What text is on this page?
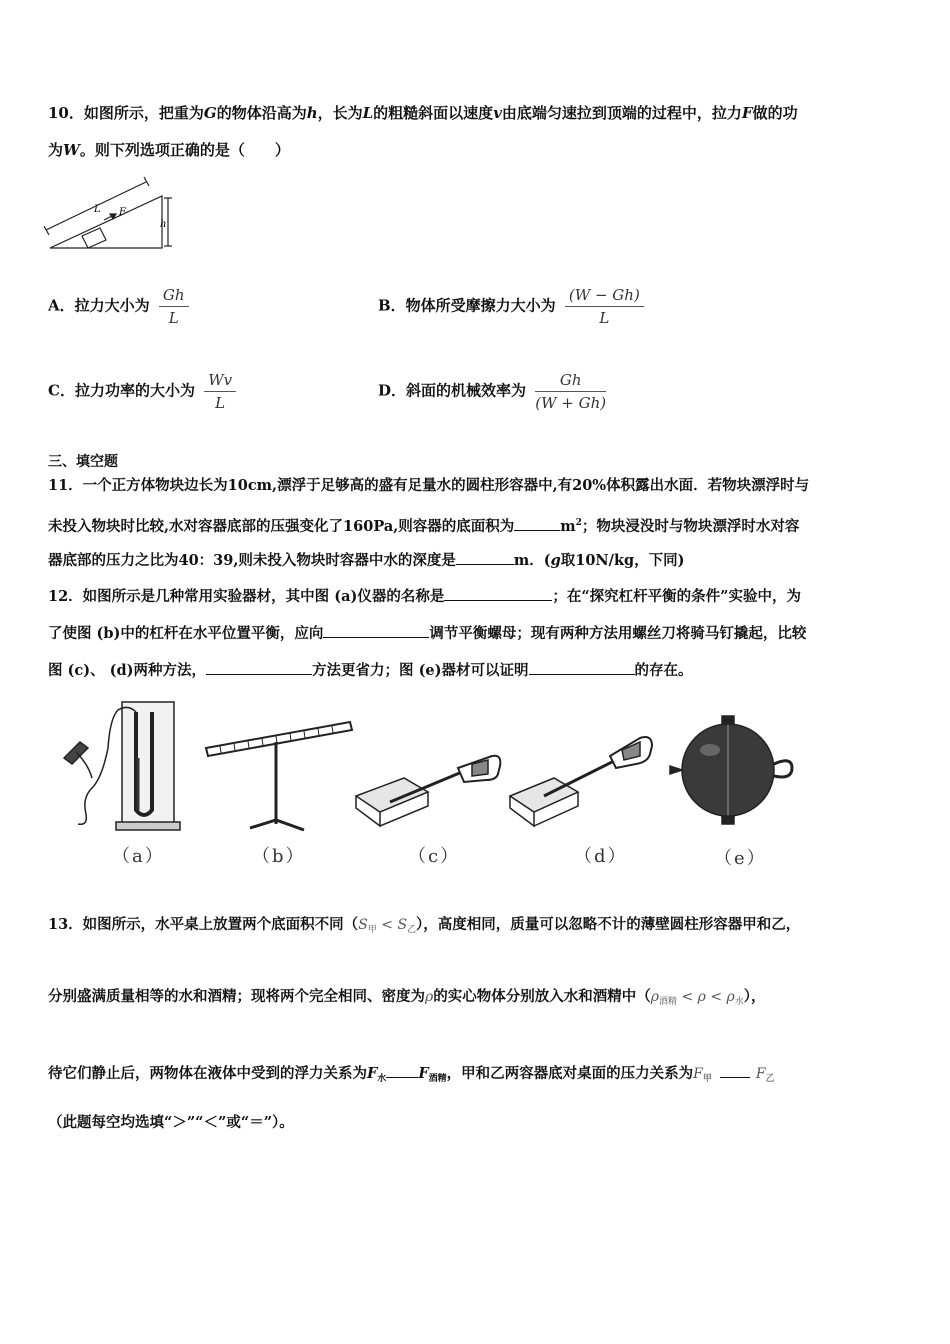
10．如图所示，把重为G的物体沿高为h，长为L的粗糙斜面以速度v由底端匀速拉到顶端的过程中，拉力F做的功
为W。则下列选项正确的是（　　）
L F
h
A．拉力大小为 $\frac{Gh}{L}$	B．物体所受摩擦力大小为 $\frac{(W - Gh)}{L}$
C．拉力功率的大小为 $\frac{Wv}{L}$	D．斜面的机械效率为 $\frac{Gh}{(W + Gh)}$
三、填空题
11．一个正方体物块边长为10cm,漂浮于足够高的盛有足量水的圆柱形容器中,有20%体积露出水面．若物块漂浮时与
未投入物块时比较,水对容器底部的压强变化了160Pa,则容器的底面积为	$m^2$；物块浸没时与物块漂浮时水对容
器底部的压力之比为40：39,则未投入物块时容器中水的深度是	m．(g取10N/kg，下同)
12．如图所示是几种常用实验器材，其中图 (a)仪器的名称是	；在“探究杠杆平衡的条件”实验中，为
了使图 (b)中的杠杆在水平位置平衡，应向	调节平衡螺母；现有两种方法用螺丝刀将骑马钉撬起，比较
图 (c)、 (d)两种方法，	方法更省力；图 (e)器材可以证明	的存在。
（a）	（b）	（c）	（d）	（e）
13．如图所示，水平桌上放置两个底面积不同$(S_甲 < S_乙)$，高度相同，质量可以忽略不计的薄壁圆柱形容器甲和乙，
分别盛满质量相等的水和酒精；现将两个完全相同、密度为ρ的实心物体分别放入水和酒精中$(\rho_{酒精} < \rho < \rho_水)$，
待它们静止后，两物体在液体中受到的浮力关系为$F_水$ $F_{酒精}$，甲和乙两容器底对桌面的压力关系为$F_甲$	$F_乙$
（此题每空均选填“＞”“＜”或“＝”）。
